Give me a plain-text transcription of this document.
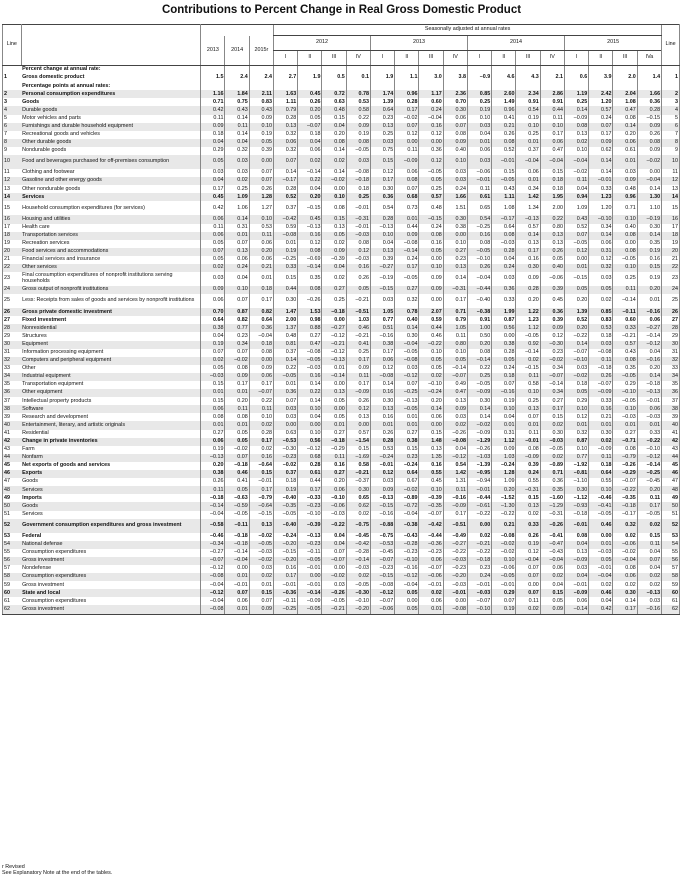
Contributions to Percent Change in Real Gross Domestic Product
Line					Seasonally adjusted at annual rates																Line
		2013	2014	2015r	2012				2013				2014				2015				
					I	II	III	IV	I	II	III	IV	I	II	III	IV	I	II	III	IVa	
	Percent change at annual rate:																				
1	Gross domestic product	1.5	2.4	2.4	2.7	1.9	0.5	0.1	1.9	1.1	3.0	3.8	–0.9	4.6	4.3	2.1	0.6	3.9	2.0	1.4	1
	Percentage points at annual rates:																				
2	Personal consumption expenditures	1.16	1.84	2.11	1.63	0.45	0.72	0.78	1.74	0.96	1.17	2.36	0.85	2.60	2.34	2.86	1.19	2.42	2.04	1.66	2
3	Goods	0.71	0.75	0.83	1.11	0.26	0.63	0.53	1.39	0.28	0.60	0.70	0.25	1.49	0.91	0.91	0.25	1.20	1.08	0.36	3
4	Durable goods	0.42	0.43	0.43	0.79	0.20	0.48	0.58	0.64	0.17	0.24	0.30	0.19	0.96	0.54	0.44	0.14	0.57	0.47	0.28	4
5	Motor vehicles and parts	0.11	0.14	0.09	0.28	0.05	0.15	0.22	0.23	–0.02	–0.04	0.06	0.10	0.41	0.19	0.11	–0.09	0.24	0.08	–0.15	5
6	Furnishings and durable household equipment	0.09	0.11	0.10	0.13	–0.07	0.04	0.09	0.13	0.07	0.16	0.07	0.03	0.21	0.10	0.10	0.08	0.07	0.14	0.09	6
7	Recreational goods and vehicles	0.18	0.14	0.19	0.32	0.18	0.20	0.19	0.25	0.12	0.12	0.08	0.04	0.26	0.25	0.17	0.13	0.17	0.20	0.26	7
8	Other durable goods	0.04	0.04	0.05	0.06	0.04	0.08	0.08	0.03	0.00	0.00	0.09	0.01	0.08	0.01	0.06	0.02	0.09	0.06	0.08	8
9	Nondurable goods	0.29	0.32	0.39	0.32	0.06	0.14	–0.05	0.75	0.11	0.36	0.40	0.06	0.52	0.37	0.47	0.10	0.62	0.61	0.09	9
10	Food and beverages purchased for off-premises consumption	0.05	0.03	0.00	0.07	0.02	0.02	0.03	0.15	–0.09	0.12	0.10	0.03	–0.01	–0.04	–0.04	–0.04	0.14	0.01	–0.02	10
11	Clothing and footwear	0.03	0.03	0.07	0.14	–0.14	0.14	–0.08	0.12	0.06	–0.05	0.03	–0.06	0.15	0.06	0.15	–0.02	0.14	0.03	0.00	11
12	Gasoline and other energy goods	0.04	0.02	0.07	–0.17	0.22	–0.02	–0.18	0.17	0.08	0.05	0.03	–0.01	–0.05	0.01	0.18	0.11	–0.01	0.09	–0.04	12
13	Other nondurable goods	0.17	0.25	0.26	0.28	0.04	0.00	0.18	0.30	0.07	0.25	0.24	0.11	0.43	0.34	0.18	0.04	0.33	0.48	0.14	13
14	Services	0.45	1.09	1.28	0.52	0.20	0.10	0.25	0.36	0.68	0.57	1.66	0.61	1.11	1.42	1.95	0.94	1.23	0.96	1.30	14
15	Household consumption expenditures (for services)	0.42	1.06	1.27	0.37	–0.15	0.08	–0.01	0.54	0.73	0.48	1.51	0.65	1.08	1.34	2.00	1.09	1.20	0.71	1.10	15
16	Housing and utilities	0.06	0.14	0.10	–0.42	0.45	0.15	–0.31	0.28	0.01	–0.15	0.30	0.54	–0.17	–0.13	0.22	0.43	–0.10	0.10	–0.19	16
17	Health care	0.11	0.31	0.53	0.59	–0.13	0.13	–0.01	–0.13	0.44	0.24	0.38	–0.25	0.64	0.57	0.80	0.52	0.34	0.40	0.30	17
18	Transportation services	0.06	0.01	0.11	–0.08	0.16	0.05	–0.03	0.10	0.09	0.08	0.00	0.16	0.08	0.14	0.13	0.07	0.14	0.08	0.14	18
19	Recreation services	0.05	0.07	0.06	0.01	0.12	0.02	0.08	0.04	–0.08	0.16	0.10	0.08	–0.03	0.13	0.13	–0.05	0.06	0.00	0.35	19
20	Food services and accommodations	0.07	0.13	0.20	0.19	0.08	0.09	0.12	0.13	–0.14	0.05	0.27	–0.05	0.28	0.17	0.26	0.12	0.31	0.08	0.19	20
21	Financial services and insurance	0.05	0.06	0.06	–0.25	–0.69	–0.39	–0.03	0.39	0.24	0.00	0.23	–0.10	0.04	0.16	0.05	0.00	0.12	–0.05	0.16	21
22	Other services	0.02	0.24	0.21	0.33	–0.14	0.04	0.16	–0.27	0.17	0.10	0.13	0.26	0.24	0.30	0.40	0.01	0.32	0.10	0.15	22
23	Final consumption expenditures of nonprofit institutions serving households	0.03	0.04	0.01	0.15	0.35	0.02	0.26	–0.19	–0.05	0.09	0.14	–0.04	0.03	0.09	–0.06	–0.15	0.03	0.25	0.19	23
24	Gross output of nonprofit institutions	0.09	0.10	0.18	0.44	0.08	0.27	0.05	–0.15	0.27	0.09	–0.31	–0.44	0.36	0.28	0.39	0.05	0.05	0.11	0.20	24
25	Less: Receipts from sales of goods and services by nonprofit institutions	0.06	0.07	0.17	0.30	–0.26	0.25	–0.21	0.03	0.32	0.00	0.17	–0.40	0.33	0.20	0.45	0.20	0.02	–0.14	0.01	25
26	Gross private domestic investment	0.70	0.87	0.82	1.47	1.53	–0.18	–0.51	1.05	0.78	2.07	0.71	–0.38	1.99	1.22	0.36	1.39	0.85	–0.11	–0.16	26
27	Fixed investment	0.64	0.82	0.64	2.00	0.98	0.00	1.03	0.77	0.40	0.59	0.79	0.91	0.87	1.23	0.39	0.52	0.83	0.60	0.06	27
28	Nonresidential	0.38	0.77	0.36	1.37	0.88	–0.27	0.46	0.51	0.14	0.44	1.05	1.00	0.56	1.12	0.09	0.20	0.53	0.33	–0.27	28
29	Structures	0.04	0.23	–0.04	0.48	0.27	–0.12	–0.21	–0.16	0.30	0.46	0.11	0.50	0.00	–0.05	0.12	–0.22	0.18	–0.21	–0.14	29
30	Equipment	0.19	0.34	0.18	0.81	0.47	–0.21	0.41	0.38	–0.04	–0.22	0.80	0.20	0.38	0.92	–0.30	0.14	0.03	0.57	–0.12	30
31	Information processing equipment	0.07	0.07	0.08	0.37	–0.08	–0.12	0.25	0.17	–0.05	0.10	0.10	0.08	0.28	–0.14	0.23	–0.07	–0.08	0.43	0.04	31
32	Computers and peripheral equipment	0.02	–0.02	0.00	0.14	–0.05	–0.13	0.17	0.06	–0.08	0.05	0.05	–0.14	0.05	0.02	–0.02	–0.10	0.11	0.08	–0.16	32
33	Other	0.05	0.08	0.09	0.22	–0.03	0.01	0.09	0.12	0.03	0.05	–0.14	0.22	0.24	–0.15	0.34	0.03	–0.18	0.35	0.20	33
34	Industrial equipment	–0.03	0.09	0.06	–0.05	0.16	–0.14	0.11	–0.08	–0.12	0.02	–0.07	0.25	0.18	0.11	–0.07	–0.02	0.26	–0.05	0.14	34
35	Transportation equipment	0.15	0.17	0.17	0.01	0.14	0.00	0.17	0.14	0.07	–0.10	0.49	–0.05	0.07	0.58	–0.14	0.18	–0.07	0.29	–0.18	35
36	Other equipment	0.01	0.01	–0.07	0.36	0.22	0.13	–0.09	0.16	–0.25	–0.24	0.47	–0.09	–0.16	0.10	0.34	0.05	–0.09	–0.10	–0.13	36
37	Intellectual property products	0.15	0.20	0.22	0.07	0.14	0.05	0.26	0.30	–0.13	0.20	0.13	0.30	0.19	0.25	0.27	0.29	0.33	–0.05	–0.01	37
38	Software	0.06	0.11	0.11	0.03	0.10	0.00	0.12	0.13	–0.05	0.14	0.09	0.14	0.10	0.13	0.17	0.10	0.16	0.10	0.06	38
39	Research and development	0.08	0.08	0.10	0.03	0.04	0.05	0.13	0.16	0.01	0.06	0.03	0.14	0.04	0.07	0.15	0.12	0.21	–0.03	–0.03	39
40	Entertainment, literary, and artistic originals	0.01	0.01	0.02	0.00	0.00	0.01	0.00	0.01	0.01	0.00	0.02	–0.02	0.01	0.01	0.02	0.01	0.01	0.01	0.01	40
41	Residential	0.27	0.05	0.28	0.63	0.10	0.27	0.57	0.26	0.27	0.15	–0.26	–0.09	0.31	0.11	0.30	0.32	0.30	0.27	0.33	41
42	Change in private inventories	0.06	0.05	0.17	–0.53	0.56	–0.18	–1.54	0.28	0.38	1.48	–0.08	–1.29	1.12	–0.01	–0.03	0.87	0.02	–0.71	–0.22	42
43	Farm	0.19	–0.02	0.02	–0.30	–0.12	–0.29	0.15	0.53	0.15	0.13	0.04	–0.26	0.09	0.08	–0.05	0.10	–0.09	0.08	–0.10	43
44	Nonfarm	–0.13	0.07	0.16	–0.23	0.68	0.11	–1.69	–0.24	0.23	1.35	–0.12	–1.03	1.03	–0.09	0.02	0.77	0.11	–0.79	–0.12	44
45	Net exports of goods and services	0.20	–0.18	–0.64	–0.02	0.28	0.16	0.58	–0.01	–0.24	0.16	0.54	–1.39	–0.24	0.39	–0.89	–1.92	0.18	–0.26	–0.14	45
46	Exports	0.38	0.46	0.15	0.37	0.61	0.27	–0.21	0.12	0.64	0.55	1.42	–0.95	1.28	0.24	0.71	–0.81	0.64	–0.29	–0.25	46
47	Goods	0.26	0.41	–0.01	0.18	0.44	0.20	–0.37	0.03	0.67	0.45	1.31	–0.94	1.09	0.55	0.36	–1.10	0.55	–0.07	–0.45	47
48	Services	0.11	0.05	0.17	0.19	0.17	0.06	0.30	0.09	–0.02	0.10	0.11	–0.01	0.20	–0.31	0.35	0.30	0.10	–0.22	0.20	48
49	Imports	–0.18	–0.63	–0.79	–0.40	–0.33	–0.10	0.65	–0.13	–0.89	–0.39	–0.16	–0.44	–1.52	0.15	–1.60	–1.12	–0.46	–0.35	0.11	49
50	Goods	–0.14	–0.59	–0.64	–0.35	–0.23	–0.06	0.62	–0.15	–0.72	–0.35	–0.09	–0.61	–1.30	0.13	–1.29	–0.93	–0.41	–0.18	0.17	50
51	Services	–0.04	–0.05	–0.15	–0.05	–0.10	–0.03	0.02	–0.16	–0.04	–0.07	0.17	–0.22	–0.22	0.02	–0.31	–0.18	–0.05	–0.17	–0.05	51
52	Government consumption expenditures and gross investment	–0.58	–0.11	0.13	–0.40	–0.39	–0.22	–0.75	–0.88	–0.38	–0.42	–0.51	0.00	0.21	0.33	–0.26	–0.01	0.46	0.32	0.02	52
53	Federal	–0.46	–0.18	–0.02	–0.24	–0.13	0.04	–0.45	–0.75	–0.43	–0.44	–0.49	0.02	–0.08	0.26	–0.41	0.08	0.00	0.02	0.15	53
54	National defense	–0.34	–0.18	–0.05	–0.20	–0.23	0.04	–0.42	–0.53	–0.28	–0.36	–0.27	–0.21	–0.02	0.19	–0.47	0.04	0.01	–0.06	0.11	54
55	Consumption expenditures	–0.27	–0.14	–0.03	–0.15	–0.11	0.07	–0.28	–0.45	–0.23	–0.23	–0.22	–0.22	–0.02	0.12	–0.43	0.13	–0.03	–0.02	0.04	55
56	Gross investment	–0.07	–0.04	–0.02	–0.20	–0.05	–0.07	–0.14	–0.07	–0.10	0.06	–0.03	–0.18	0.10	–0.04	–0.04	–0.09	0.05	–0.04	0.07	56
57	Nondefense	–0.12	0.00	0.03	0.16	–0.01	0.00	–0.03	–0.23	–0.16	–0.07	–0.23	0.23	–0.06	0.07	0.06	0.03	–0.01	0.08	0.04	57
58	Consumption expenditures	–0.08	0.01	0.02	0.17	0.00	–0.02	0.02	–0.15	–0.12	–0.06	–0.20	0.24	–0.05	0.07	0.02	0.04	–0.04	0.06	0.02	58
59	Gross investment	–0.04	–0.01	0.01	–0.01	–0.01	0.03	–0.05	–0.08	–0.04	–0.01	–0.03	–0.01	–0.01	0.00	0.04	–0.01	0.02	0.02	0.02	59
60	State and local	–0.12	0.07	0.15	–0.36	–0.14	–0.26	–0.30	–0.12	0.05	0.02	–0.01	–0.03	0.29	0.07	0.15	–0.09	0.46	0.30	–0.13	60
61	Consumption expenditures	–0.04	0.06	0.07	–0.11	–0.09	–0.05	–0.10	–0.07	0.00	0.06	0.00	–0.07	0.07	0.11	0.05	0.06	0.04	0.14	0.03	61
62	Gross investment	–0.08	0.01	0.09	–0.25	–0.05	–0.21	–0.20	–0.06	0.05	0.01	–0.08	–0.10	0.19	0.02	0.09	–0.14	0.42	0.17	–0.16	62
r Revised
See Explanatory Note at the end of the tables.
